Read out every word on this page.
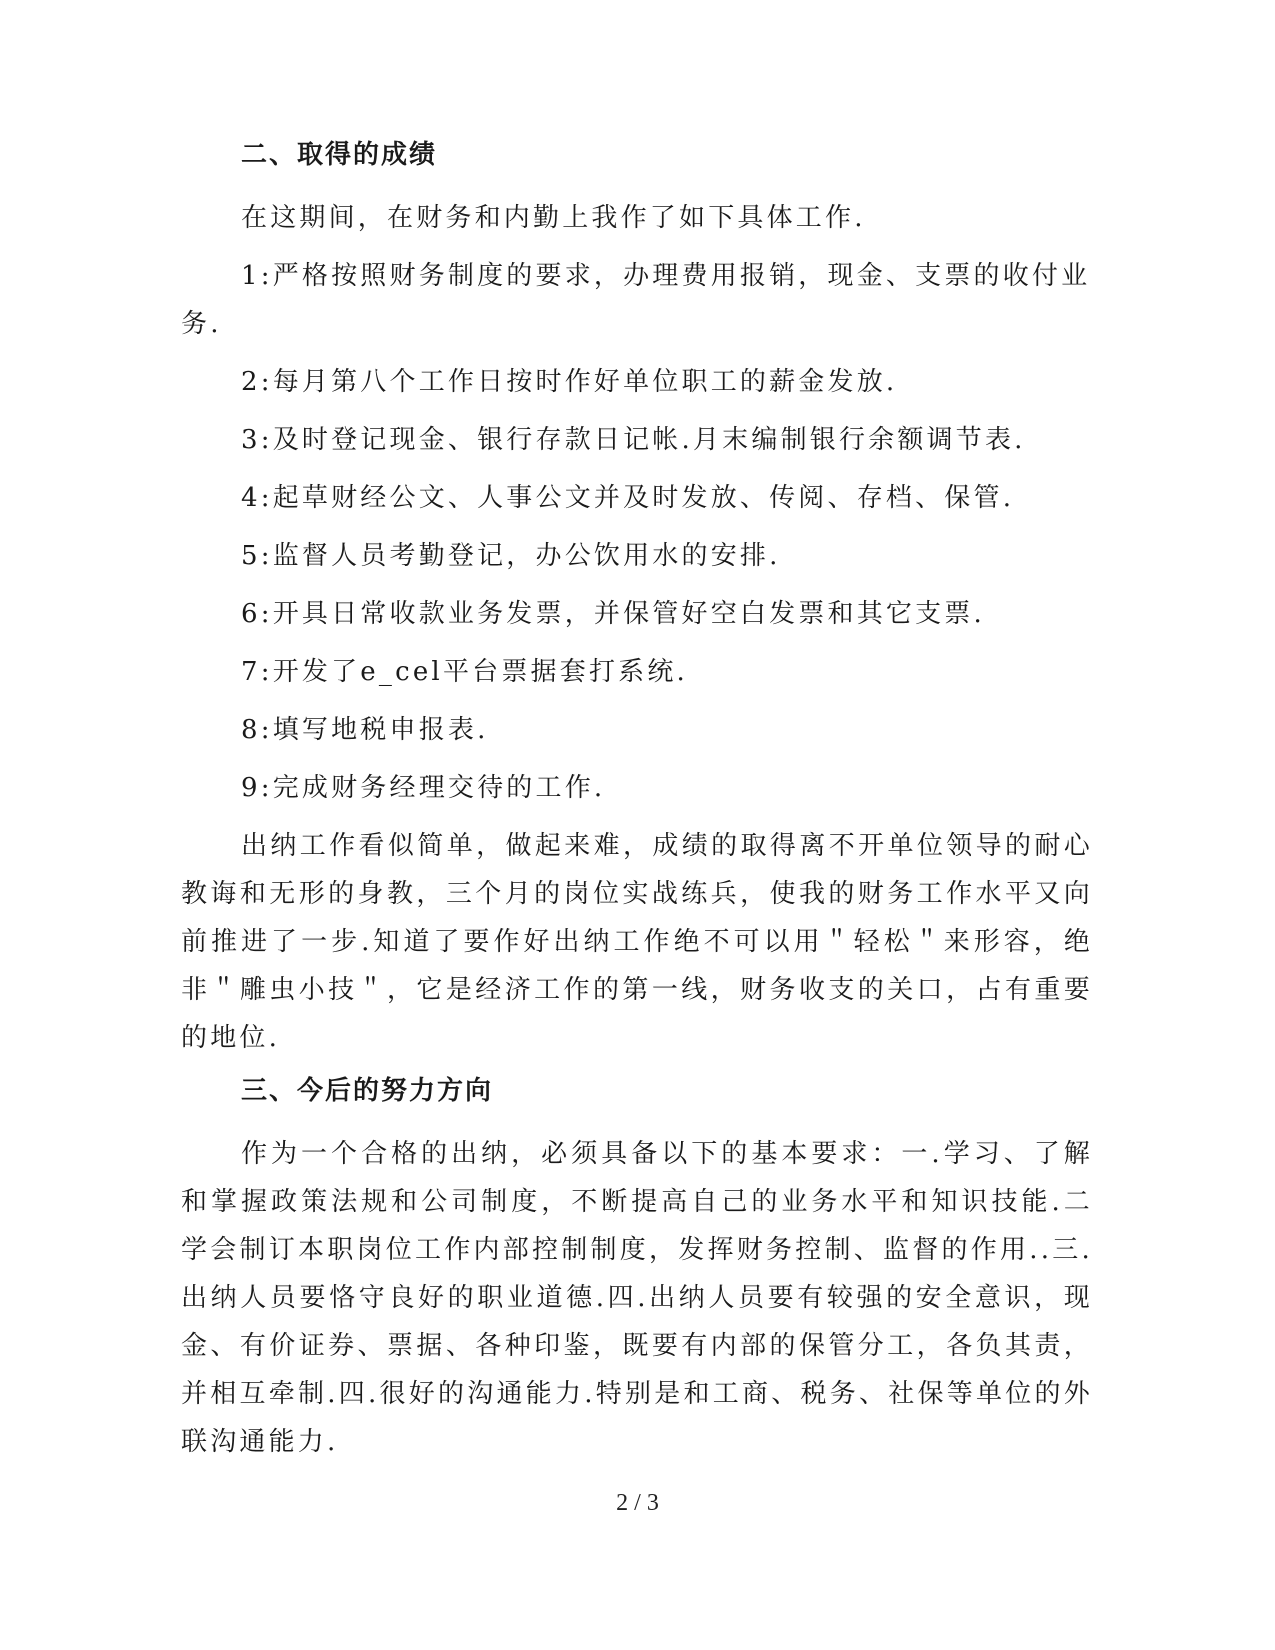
二、取得的成绩

在这期间，在财务和内勤上我作了如下具体工作.

1:严格按照财务制度的要求，办理费用报销，现金、支票的收付业务.

2:每月第八个工作日按时作好单位职工的薪金发放.

3:及时登记现金、银行存款日记帐.月末编制银行余额调节表.

4:起草财经公文、人事公文并及时发放、传阅、存档、保管.

5:监督人员考勤登记，办公饮用水的安排.

6:开具日常收款业务发票，并保管好空白发票和其它支票.

7:开发了e_cel平台票据套打系统.

8:填写地税申报表.

9:完成财务经理交待的工作.

出纳工作看似简单，做起来难，成绩的取得离不开单位领导的耐心教诲和无形的身教，三个月的岗位实战练兵，使我的财务工作水平又向前推进了一步.知道了要作好出纳工作绝不可以用＂轻松＂来形容，绝非＂雕虫小技＂，它是经济工作的第一线，财务收支的关口，占有重要的地位.

三、今后的努力方向

作为一个合格的出纳，必须具备以下的基本要求：一.学习、了解和掌握政策法规和公司制度，不断提高自己的业务水平和知识技能.二学会制订本职岗位工作内部控制制度，发挥财务控制、监督的作用..三.出纳人员要恪守良好的职业道德.四.出纳人员要有较强的安全意识，现金、有价证券、票据、各种印鉴，既要有内部的保管分工，各负其责，并相互牵制.四.很好的沟通能力.特别是和工商、税务、社保等单位的外联沟通能力.

2 / 3
